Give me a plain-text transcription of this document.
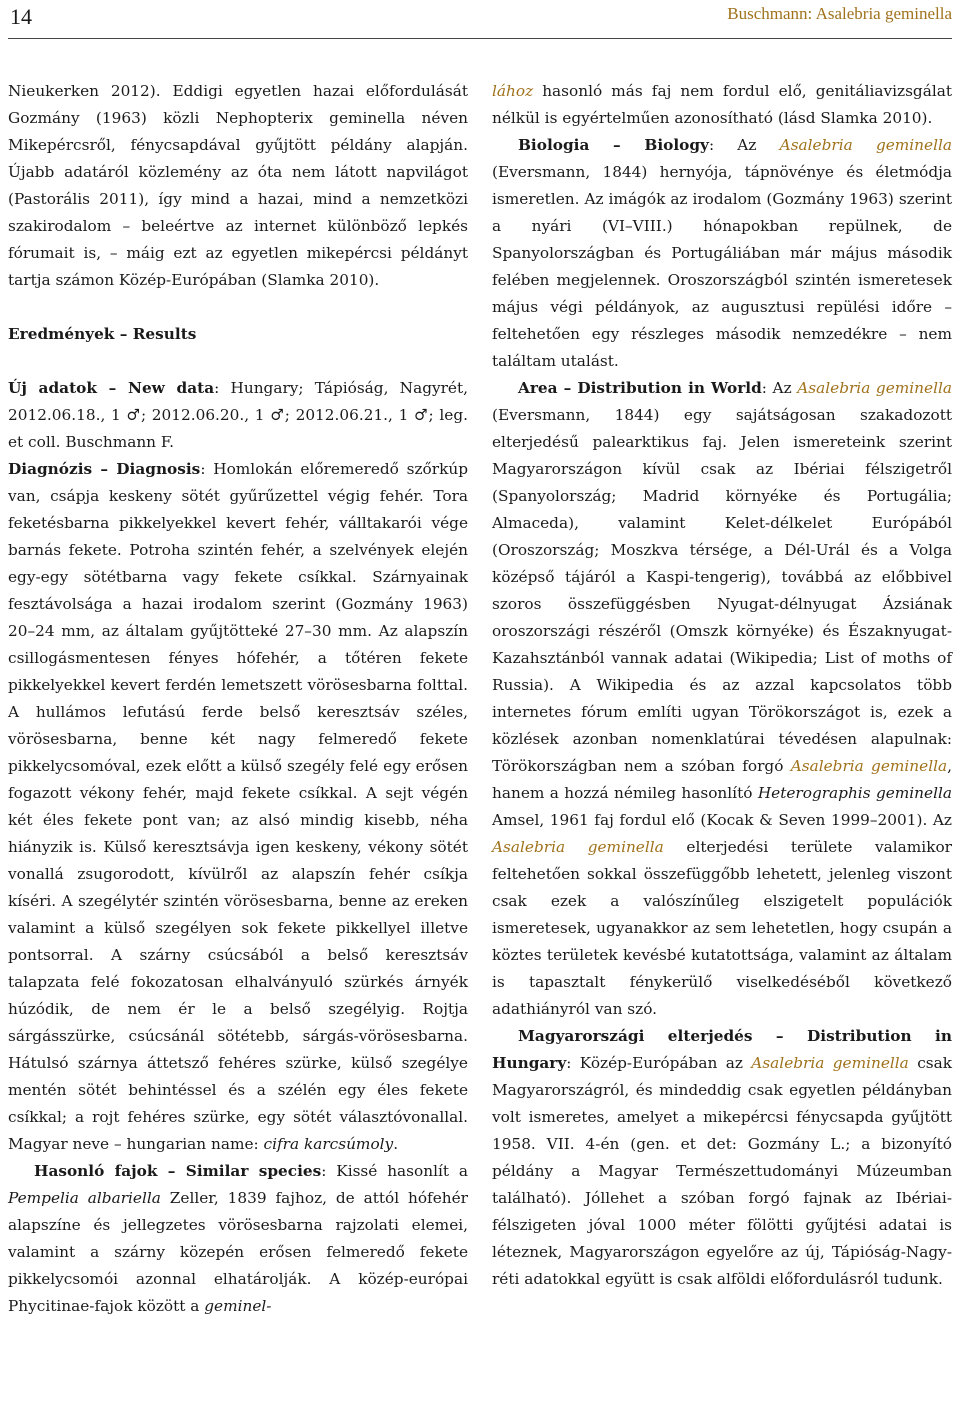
14	Buschmann: Asalebria geminella

Nieukerken 2012). Eddigi egyetlen hazai előfordulását Gozmány (1963) közli Nephopterix geminella néven Mikepércsről, fénycsapdával gyűjtött példány alapján. Újabb adatáról közlemény az óta nem látott napvilágot (Pastorális 2011), így mind a hazai, mind a nemzetközi szakirodalom – beleértve az internet különböző lepkés fórumait is, – máig ezt az egyetlen mikepércsi példányt tartja számon Közép-Európában (Slamka 2010).

Eredmények – Results

Új adatok – New data: Hungary; Tápióság, Nagyrét, 2012.06.18., 1 ♂; 2012.06.20., 1 ♂; 2012.06.21., 1 ♂; leg. et coll. Buschmann F.

Diagnózis – Diagnosis: Homlokán előremeredő szőrkúp van, csápja keskeny sötét gyűrűzettel végig fehér. Tora feketésbarna pikkelyekkel kevert fehér, válltakarói vége barnás fekete. Potroha szintén fehér, a szelvények elején egy-egy sötétbarna vagy fekete csíkkal. Szárnyainak fesztávolsága a hazai irodalom szerint (Gozmány 1963) 20–24 mm, az általam gyűjtötteké 27–30 mm. Az alapszín csillogásmentesen fényes hófehér, a tőtéren fekete pikkelyekkel kevert ferdén lemetszett vörösesbarna folttal. A hullámos lefutású ferde belső keresztsáv széles, vörösesbarna, benne két nagy felmeredő fekete pikkelycsomóval, ezek előtt a külső szegély felé egy erősen fogazott vékony fehér, majd fekete csíkkal. A sejt végén két éles fekete pont van; az alsó mindig kisebb, néha hiányzik is. Külső keresztsávja igen keskeny, vékony sötét vonallá zsugorodott, kívülről az alapszín fehér csíkja kíséri. A szegélytér szintén vörösesbarna, benne az ereken valamint a külső szegélyen sok fekete pikkellyel illetve pontsorral. A szárny csúcsából a belső keresztsáv talapzata felé fokozatosan elhalványuló szürkés árnyék húzódik, de nem ér le a belső szegélyig. Rojtja sárgásszürke, csúcsánál sötétebb, sárgás-vörösesbarna. Hátulsó szárnya áttetsző fehéres szürke, külső szegélye mentén sötét behintéssel és a szélén egy éles fekete csíkkal; a rojt fehéres szürke, egy sötét választóvonallal. Magyar neve – hungarian name: cifra karcsúmoly.

Hasonló fajok – Similar species: Kissé hasonlít a Pempelia albariella Zeller, 1839 fajhoz, de attól hófehér alapszíne és jellegzetes vörösesbarna rajzolati elemei, valamint a szárny közepén erősen felmeredő fekete pikkelycsomói azonnal elhatárolják. A közép-európai Phycitinae-fajok között a geminel-

lához hasonló más faj nem fordul elő, genitáliavizsgálat nélkül is egyértelműen azonosítható (lásd Slamka 2010).

Biologia – Biology: Az Asalebria geminella (Eversmann, 1844) hernyója, tápnövénye és életmódja ismeretlen. Az imágók az irodalom (Gozmány 1963) szerint a nyári (VI–VIII.) hónapokban repülnek, de Spanyolországban és Portugáliában már május második felében megjelennek. Oroszországból szintén ismeretesek május végi példányok, az augusztusi repülési időre – feltehetően egy részleges második nemzedékre – nem találtam utalást.

Area – Distribution in World: Az Asalebria geminella (Eversmann, 1844) egy sajátságosan szakadozott elterjedésű palearktikus faj. Jelen ismereteink szerint Magyarországon kívül csak az Ibériai félszigetről (Spanyolország; Madrid környéke és Portugália; Almaceda), valamint Kelet-délkelet Európából (Oroszország; Moszkva térsége, a Dél-Urál és a Volga középső tájáról a Kaspi-tengerig), továbbá az előbbivel szoros összefüggésben Nyugat-délnyugat Ázsiának oroszországi részéről (Omszk környéke) és Északnyugat-Kazahsztánból vannak adatai (Wikipedia; List of moths of Russia). A Wikipedia és az azzal kapcsolatos több internetes fórum említi ugyan Törökországot is, ezek a közlések azonban nomenklatúrai tévedésen alapulnak: Törökországban nem a szóban forgó Asalebria geminella, hanem a hozzá némileg hasonlító Heterographis geminella Amsel, 1961 faj fordul elő (Kocak & Seven 1999–2001). Az Asalebria geminella elterjedési területe valamikor feltehetően sokkal összefüggőbb lehetett, jelenleg viszont csak ezek a valószínűleg elszigetelt populációk ismeretesek, ugyanakkor az sem lehetetlen, hogy csupán a köztes területek kevésbé kutatottsága, valamint az általam is tapasztalt fénykerülő viselkedéséből következő adathiányról van szó.

Magyarországi elterjedés – Distribution in Hungary: Közép-Európában az Asalebria geminella csak Magyarországról, és mindeddig csak egyetlen példányban volt ismeretes, amelyet a mikepércsi fénycsapda gyűjtött 1958. VII. 4-én (gen. et det: Gozmány L.; a bizonyító példány a Magyar Természettudományi Múzeumban található). Jóllehet a szóban forgó fajnak az Ibériai-félszigeten jóval 1000 méter fölötti gyűjtési adatai is léteznek, Magyarországon egyelőre az új, Tápióság-Nagy-réti adatokkal együtt is csak alföldi előfordulásról tudunk.
